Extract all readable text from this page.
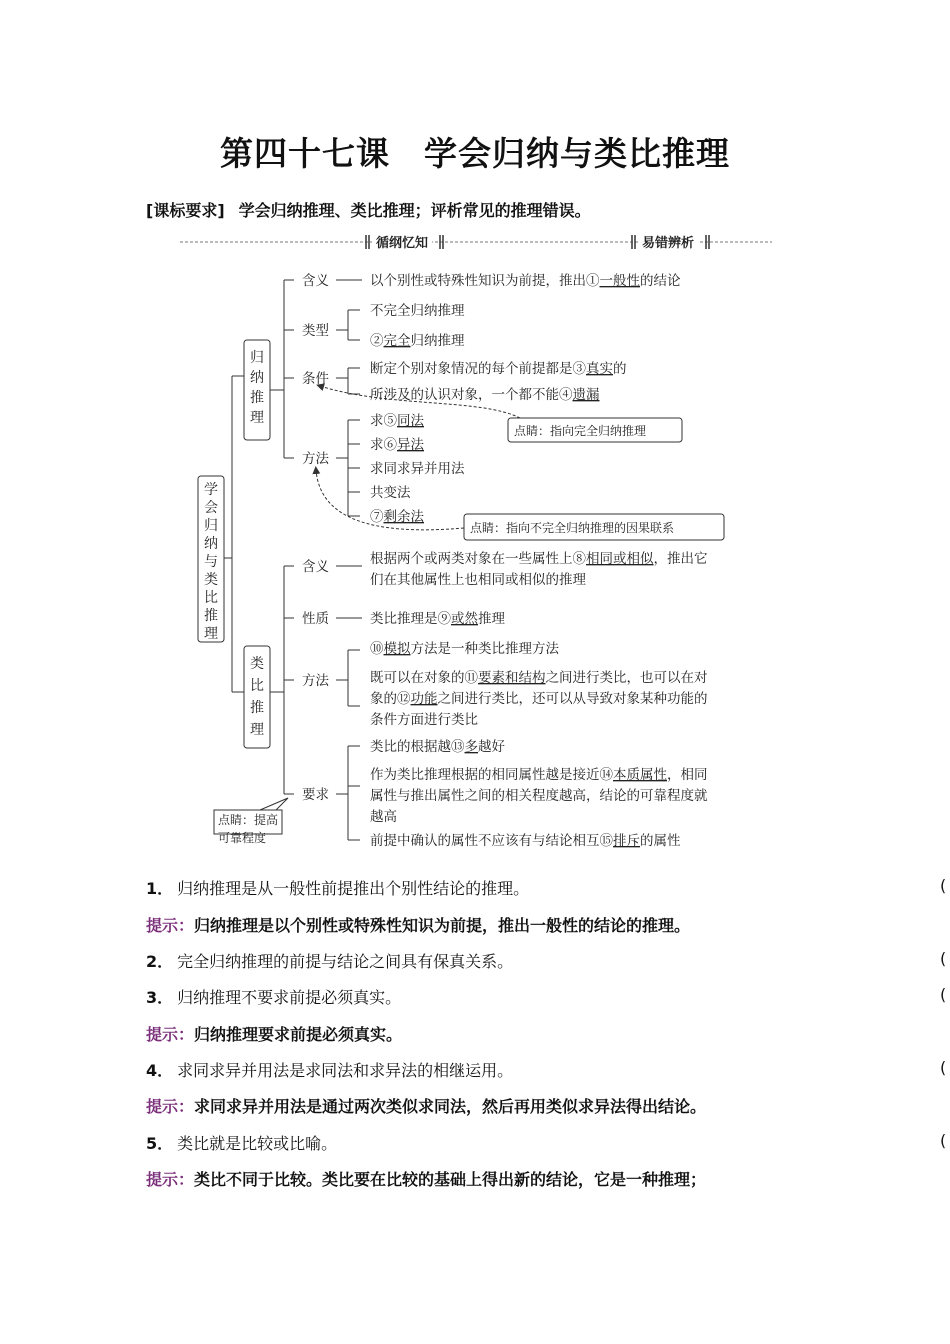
第四十七课　学会归纳与类比推理
[课标要求] 学会归纳推理、类比推理；评析常见的推理错误。
循纲忆知	易错辨析
学
会
归
纳
与
类
比
推
理
归
纳
推
理
含义	以个别性或特殊性知识为前提，推出①一般性的结论
类型
不完全归纳推理
②完全归纳推理
条件
断定个别对象情况的每个前提都是③真实的
所涉及的认识对象，一个都不能④遗漏
方法
求⑤同法
求⑥异法
求同求异并用法
共变法
⑦剩余法
点睛：指向完全归纳推理
点睛：指向不完全归纳推理的因果联系
类
比
推
理
含义	根据两个或两类对象在一些属性上⑧相同或相似，推出它
们在其他属性上也相同或相似的推理
性质	类比推理是⑨或然推理
方法
⑩模拟方法是一种类比推理方法
既可以在对象的⑪要素和结构之间进行类比，也可以在对
象的⑫功能之间进行类比，还可以从导致对象某种功能的
条件方面进行类比
要求
类比的根据越⑬多越好
作为类比推理根据的相同属性越是接近⑭本质属性，相同
属性与推出属性之间的相关程度越高，结论的可靠程度就
越高
前提中确认的属性不应该有与结论相互⑮排斥的属性
点睛：提高
可靠程度
1． 归纳推理是从一般性前提推出个别性结论的推理。	(
提示：归纳推理是以个别性或特殊性知识为前提，推出一般性的结论的推理。
2． 完全归纳推理的前提与结论之间具有保真关系。	(
3． 归纳推理不要求前提必须真实。	(
提示：归纳推理要求前提必须真实。
4． 求同求异并用法是求同法和求异法的相继运用。	(
提示：求同求异并用法是通过两次类似求同法，然后再用类似求异法得出结论。
5． 类比就是比较或比喻。	(
提示：类比不同于比较。类比要在比较的基础上得出新的结论，它是一种推理；
